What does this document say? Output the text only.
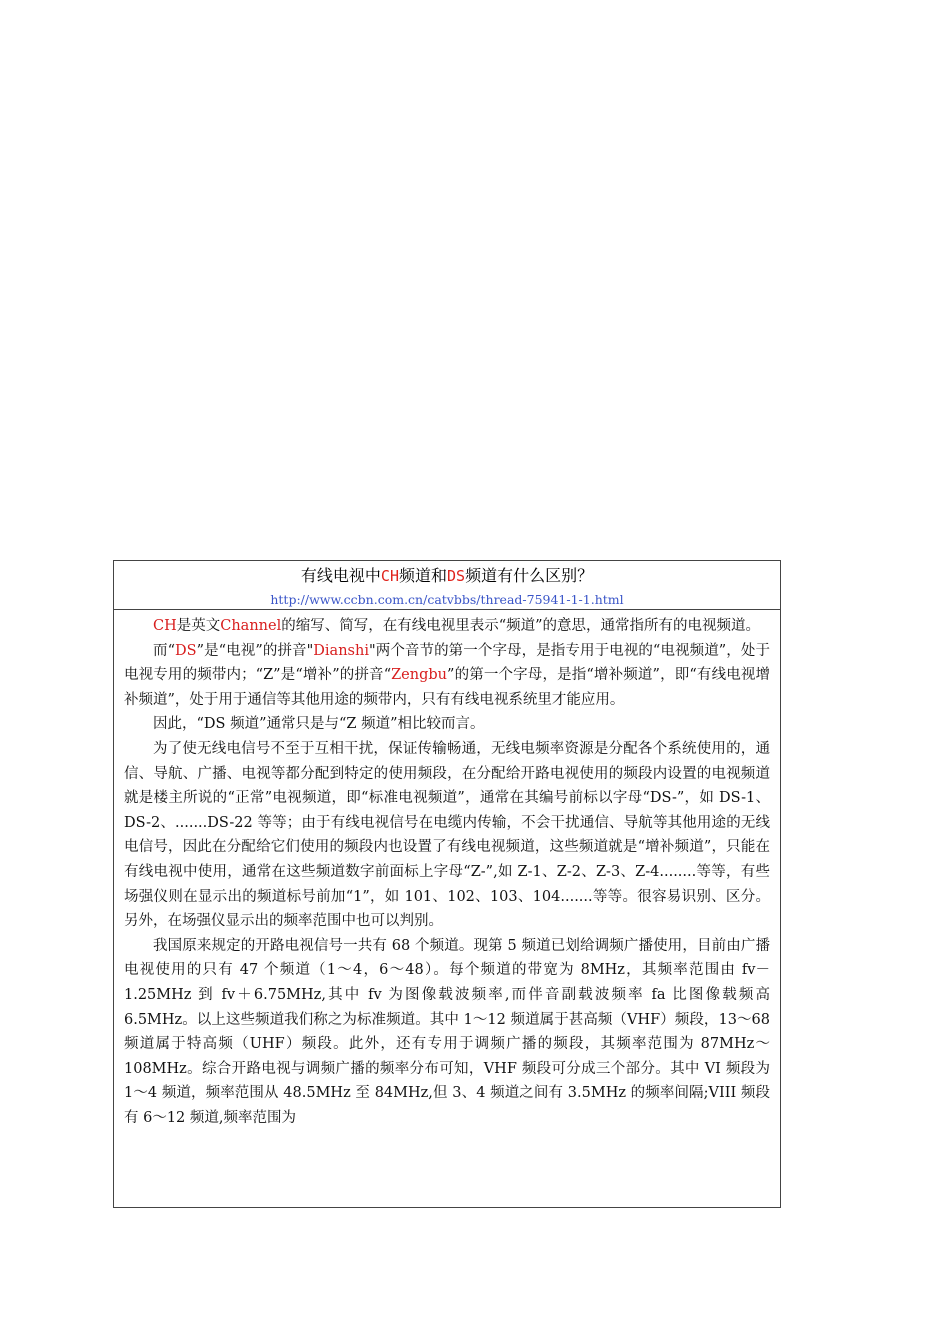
有线电视中CH频道和DS频道有什么区别？
http://www.ccbn.com.cn/catvbbs/thread-75941-1-1.html

CH是英文Channel的缩写、简写，在有线电视里表示“频道”的意思，通常指所有的电视频道。

而“DS”是“电视”的拼音"Dianshi"两个音节的第一个字母，是指专用于电视的“电视频道”，处于电视专用的频带内；“Z”是“增补”的拼音“Zengbu”的第一个字母，是指“增补频道”，即“有线电视增补频道”，处于用于通信等其他用途的频带内，只有有线电视系统里才能应用。

因此，“DS 频道”通常只是与“Z 频道”相比较而言。

为了使无线电信号不至于互相干扰，保证传输畅通，无线电频率资源是分配各个系统使用的，通信、导航、广播、电视等都分配到特定的使用频段，在分配给开路电视使用的频段内设置的电视频道就是楼主所说的“正常”电视频道，即“标准电视频道”，通常在其编号前标以字母“DS-”，如 DS-1、DS-2、.......DS-22 等等；由于有线电视信号在电缆内传输，不会干扰通信、导航等其他用途的无线电信号，因此在分配给它们使用的频段内也设置了有线电视频道，这些频道就是“增补频道”，只能在有线电视中使用，通常在这些频道数字前面标上字母“Z-”,如 Z-1、Z-2、Z-3、Z-4........等等，有些场强仪则在显示出的频道标号前加“1”，如 101、102、103、104.......等等。很容易识别、区分。另外，在场强仪显示出的频率范围中也可以判别。

我国原来规定的开路电视信号一共有 68 个频道。现第 5 频道已划给调频广播使用，目前由广播电视使用的只有 47 个频道（1～4，6～48）。每个频道的带宽为 8MHz，其频率范围由 fv－1.25MHz 到 fv＋6.75MHz,其中 fv 为图像载波频率,而伴音副载波频率 fa 比图像载频高 6.5MHz。以上这些频道我们称之为标准频道。其中 1～12 频道属于甚高频（VHF）频段，13～68 频道属于特高频（UHF）频段。此外，还有专用于调频广播的频段，其频率范围为 87MHz～108MHz。综合开路电视与调频广播的频率分布可知，VHF 频段可分成三个部分。其中 VI 频段为 1～4 频道，频率范围从 48.5MHz 至 84MHz,但 3、4 频道之间有 3.5MHz 的频率间隔;VIII 频段有 6～12 频道,频率范围为
